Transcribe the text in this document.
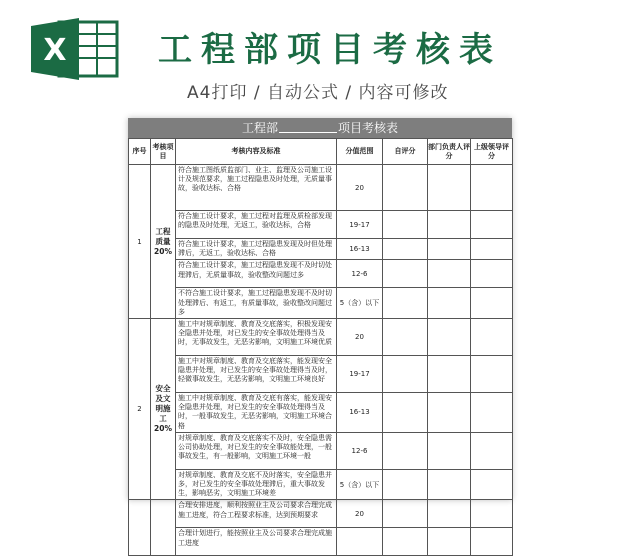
X	工程部项目考核表
A4打印 / 自动公式 / 内容可修改
工程部	项目考核表
序号	考核项目	考核内容及标准	分值范围	自评分	部门负责人评分	上级领导评分
1	工程质量20%	符合施工图纸质监部门、业主、监理及公司施工设计及规范要求，施工过程隐患及时处理，无质量事故，验收达标、合格	20			
		符合施工设计要求，施工过程对监理及质检部发现的隐患及时处理，无返工，验收达标，合格	19-17			
		符合施工设计要求，施工过程隐患发现及时但处理滞后，无返工，验收达标、合格	16-13			
		符合施工设计要求，施工过程隐患发现不及时切处理滞后，无质量事故，验收整改问题过多	12-6			
		不符合施工设计要求，施工过程隐患发现不及时切处理滞后、有返工，有质量事故，验收整改问题过多	5（含）以下			
2	安全及文明施工20%	施工中对规章制度、教育及交底落实，积极发现安全隐患并处理，对已发生的安全事故处理得当及时，无事故发生，无恶劣影响，文明施工环境优质	20			
		施工中对规章制度、教育及交底落实，能发现安全隐患并处理，对已发生的安全事故处理得当及时，轻微事故发生，无恶劣影响，文明施工环境良好	19-17			
		施工中对规章制度、教育及交底有落实，能发现安全隐患并处理，对已发生的安全事故处理得当及时，一般事故发生，无恶劣影响，文明施工环境合格	16-13			
		对规章制度、教育及交底落实不及时，安全隐患需公司协助处理，对已发生的安全事故能处理，一般事故发生，有一般影响，文明施工环境一般	12-6			
		对规章制度、教育及交底不及时落实，安全隐患并多，对已发生的安全事故处理滞后，重大事故发生，影响恶劣，文明施工环境差	5（含）以下			
		合理安排进度，顺利按照业主及公司要求合理完成施工进度，符合工程要求标准，达到预期要求	20			
		合理计划进行，能按照业主及公司要求合理完成施工进度				
